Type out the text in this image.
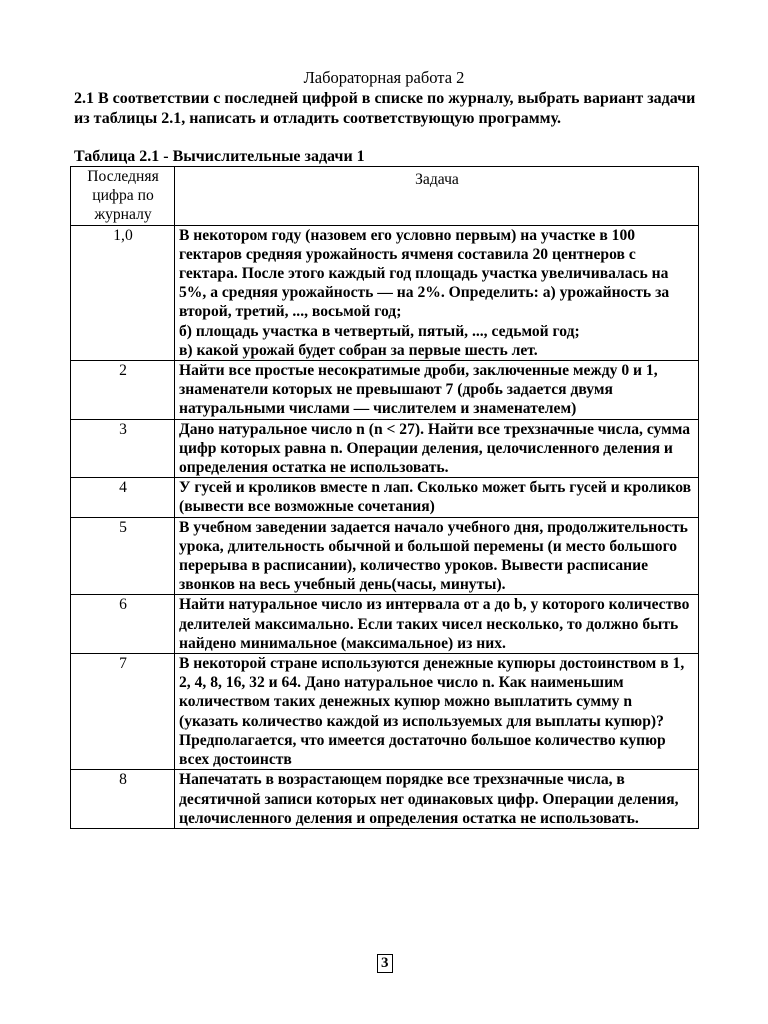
Лабораторная работа 2
2.1 В соответствии с последней цифрой в списке по журналу, выбрать вариант задачи из таблицы 2.1, написать и отладить соответствующую программу.
Таблица 2.1 - Вычислительные задачи 1
Последняя цифра по журналу	Задача
1,0	В некотором году (назовем его условно первым) на участке в 100 гектаров средняя урожайность ячменя составила 20 центнеров с гектара. После этого каждый год площадь участка увеличивалась на 5%, а средняя урожайность — на 2%. Определить: а) урожайность за второй, третий, ..., восьмой год;
б) площадь участка в четвертый, пятый, ..., седьмой год;
в) какой урожай будет собран за первые шесть лет.
2	Найти все простые несократимые дроби, заключенные между 0 и 1, знаменатели которых не превышают 7 (дробь задается двумя натуральными числами — числителем и знаменателем)
3	Дано натуральное число n (n < 27). Найти все трехзначные числа, сумма цифр которых равна n. Операции деления, целочисленного деления и определения остатка не использовать.
4	У гусей и кроликов вместе n лап. Сколько может быть гусей и кроликов (вывести все возможные сочетания)
5	В учебном заведении задается начало учебного дня, продолжительность урока, длительность обычной и большой перемены (и место большого перерыва в расписании), количество уроков. Вывести расписание звонков на весь учебный день(часы, минуты).
6	Найти натуральное число из интервала от a до b, у которого количество делителей максимально. Если таких чисел несколько, то должно быть найдено минимальное (максимальное) из них.
7	В некоторой стране используются денежные купюры достоинством в 1, 2, 4, 8, 16, 32 и 64. Дано натуральное число n. Как наименьшим количеством таких денежных купюр можно выплатить сумму n (указать количество каждой из используемых для выплаты купюр)? Предполагается, что имеется достаточно большое количество купюр всех достоинств
8	Напечатать в возрастающем порядке все трехзначные числа, в десятичной записи которых нет одинаковых цифр. Операции деления, целочисленного деления и определения остатка не использовать.
3
